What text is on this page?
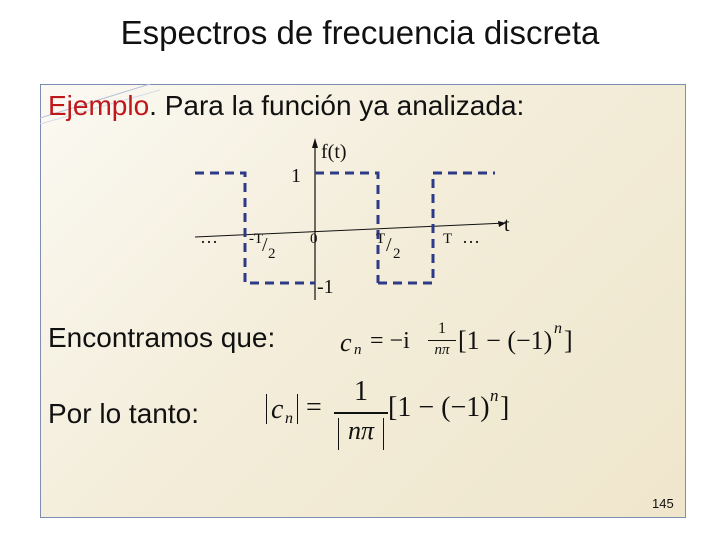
Espectros de frecuencia discreta
Ejemplo. Para la función ya analizada:
f(t)
1
-1
t
…	…
-T
/ 2
0	T / 2
T
Encontramos que: c n = −i	1
nπ [1 − (−1) n ]
Por lo tanto:	c n =
1
nπ
[1 − (−1) n ]
145
